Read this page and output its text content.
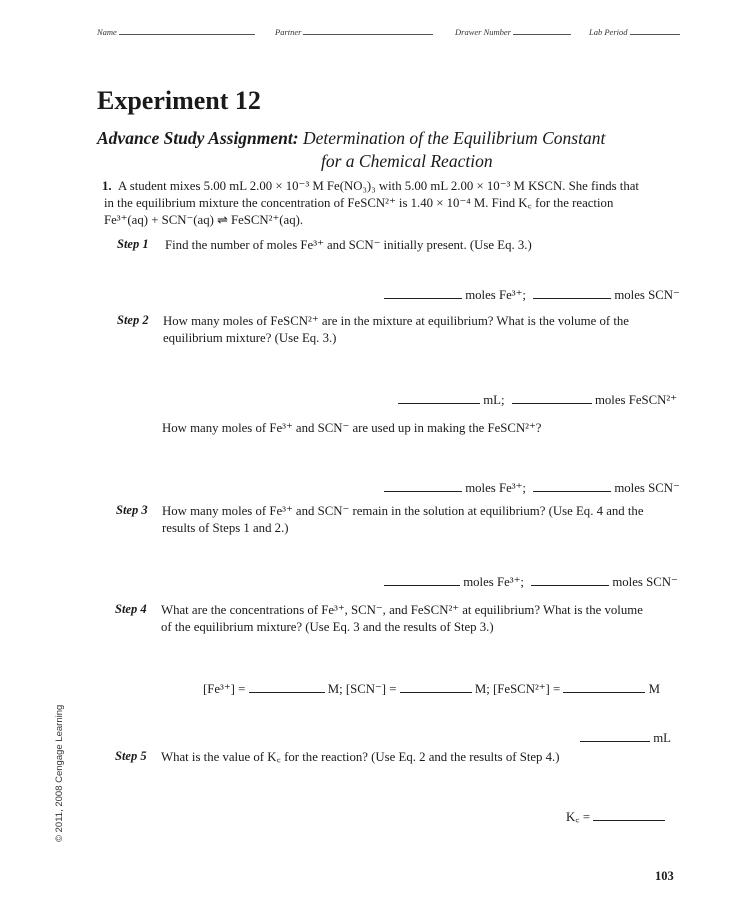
Name	Partner	Drawer Number	Lab Period
Experiment 12
Advance Study Assignment: Determination of the Equilibrium Constant
for a Chemical Reaction
1. A student mixes 5.00 mL 2.00 × 10⁻³ M Fe(NO₃)₃ with 5.00 mL 2.00 × 10⁻³ M KSCN. She finds that
in the equilibrium mixture the concentration of FeSCN²⁺ is 1.40 × 10⁻⁴ M. Find K꜀ for the reaction
Fe³⁺(aq) + SCN⁻(aq) ⇌ FeSCN²⁺(aq).
Step 1 Find the number of moles Fe³⁺ and SCN⁻ initially present. (Use Eq. 3.)
moles Fe³⁺;	moles SCN⁻
Step 2 How many moles of FeSCN²⁺ are in the mixture at equilibrium? What is the volume of the
equilibrium mixture? (Use Eq. 3.)
mL;	moles FeSCN²⁺
How many moles of Fe³⁺ and SCN⁻ are used up in making the FeSCN²⁺?
moles Fe³⁺;	moles SCN⁻
Step 3 How many moles of Fe³⁺ and SCN⁻ remain in the solution at equilibrium? (Use Eq. 4 and the
results of Steps 1 and 2.)
moles Fe³⁺;	moles SCN⁻
Step 4 What are the concentrations of Fe³⁺, SCN⁻, and FeSCN²⁺ at equilibrium? What is the volume
of the equilibrium mixture? (Use Eq. 3 and the results of Step 3.)
[Fe³⁺] =	M; [SCN⁻] =	M; [FeSCN²⁺] =	M
mL
Step 5 What is the value of K꜀ for the reaction? (Use Eq. 2 and the results of Step 4.)
K꜀ =
© 2011, 2008 Cengage Learning
103
